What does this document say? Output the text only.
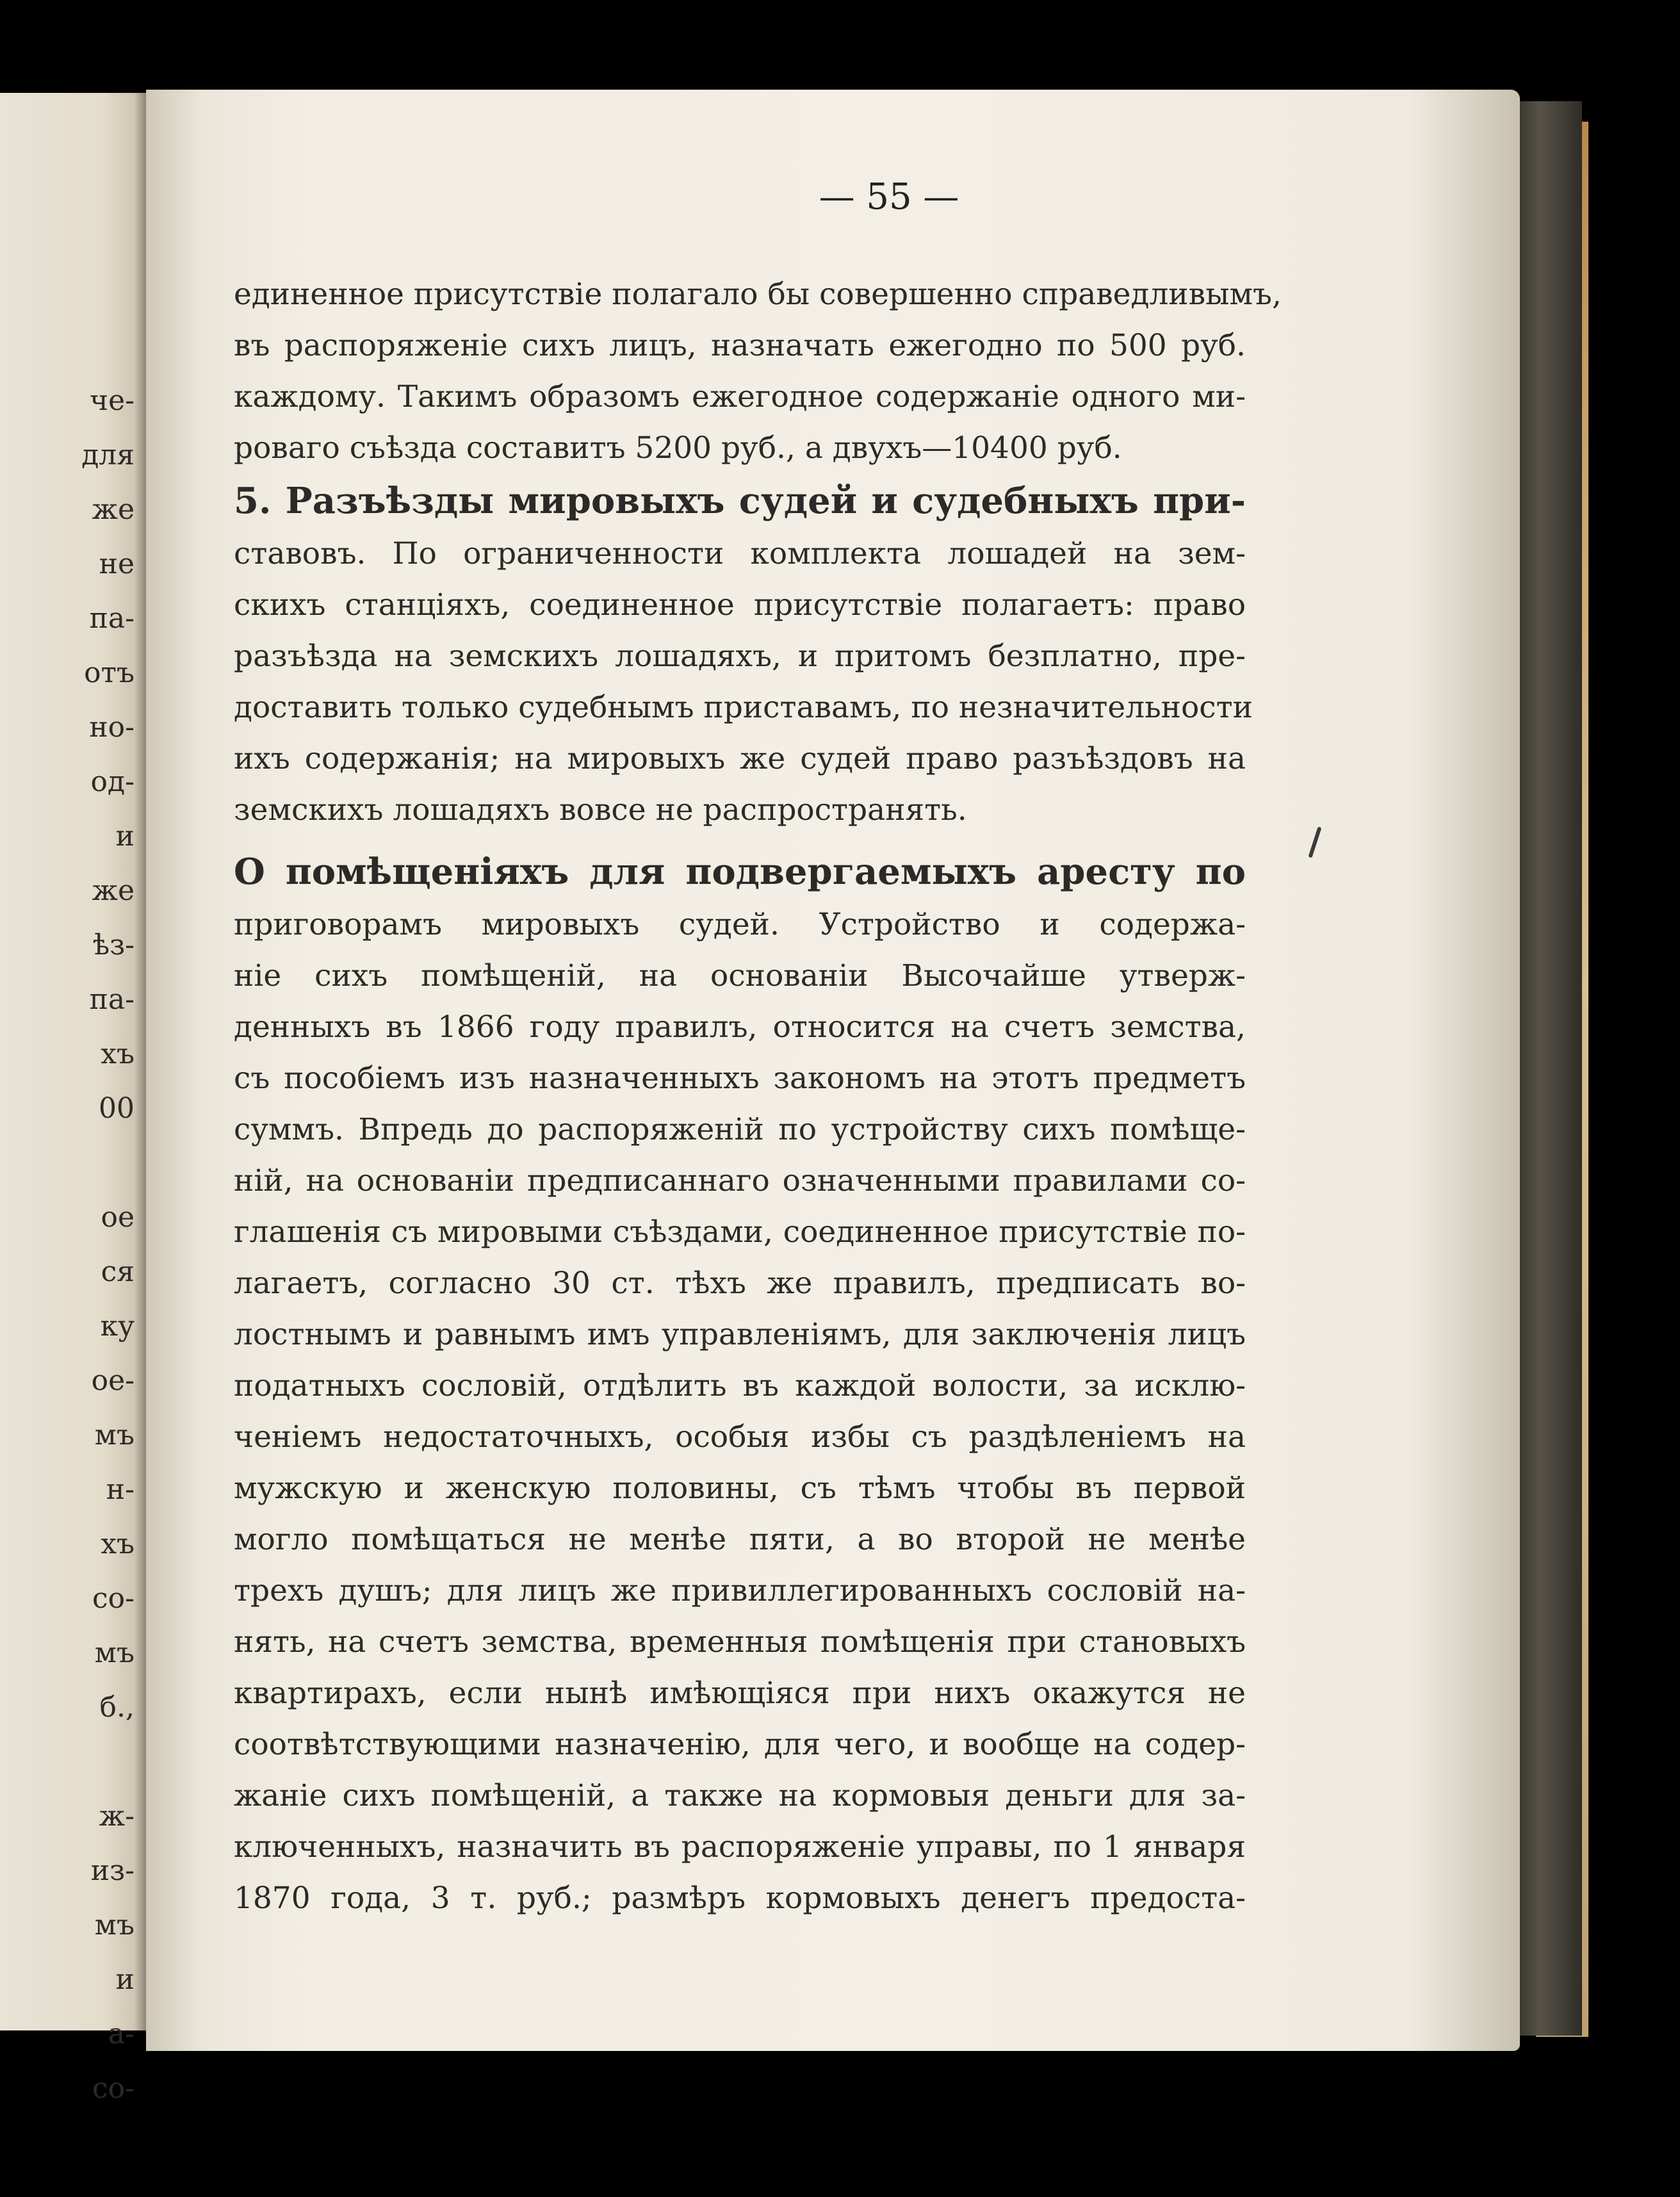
че-
для
же
не
па-
отъ
но-
од-
и
же
ѣз-
па-
хъ
00
ое
ся
ку
ое-
мъ
н-
хъ
со-
мъ
б.,
ж-
из-
мъ
и
а-
со-
— 55 —
единенное присутствіе полагало бы совершенно справедливымъ,
въ распоряженіе сихъ лицъ, назначать ежегодно по 500 руб.
каждому. Такимъ образомъ ежегодное содержаніе одного ми-
роваго съѣзда составитъ 5200 руб., а двухъ—10400 руб.
5. Разъѣзды мировыхъ судей и судебныхъ при-
ставовъ. По ограниченности комплекта лошадей на зем-
скихъ станціяхъ, соединенное присутствіе полагаетъ: право
разъѣзда на земскихъ лошадяхъ, и притомъ безплатно, пре-
доставить только судебнымъ приставамъ, по незначительности
ихъ содержанія; на мировыхъ же судей право разъѣздовъ на
земскихъ лошадяхъ вовсе не распространять.
О помѣщеніяхъ для подвергаемыхъ аресту по
приговорамъ мировыхъ судей. Устройство и содержа-
ніе сихъ помѣщеній, на основаніи Высочайше утверж-
денныхъ въ 1866 году правилъ, относится на счетъ земства,
съ пособіемъ изъ назначенныхъ закономъ на этотъ предметъ
суммъ. Впредь до распоряженій по устройству сихъ помѣще-
ній, на основаніи предписаннаго означенными правилами со-
глашенія съ мировыми съѣздами, соединенное присутствіе по-
лагаетъ, согласно 30 ст. тѣхъ же правилъ, предписать во-
лостнымъ и равнымъ имъ управленіямъ, для заключенія лицъ
податныхъ сословій, отдѣлить въ каждой волости, за исклю-
ченіемъ недостаточныхъ, особыя избы съ раздѣленіемъ на
мужскую и женскую половины, съ тѣмъ чтобы въ первой
могло помѣщаться не менѣе пяти, а во второй не менѣе
трехъ душъ; для лицъ же привиллегированныхъ сословій на-
нять, на счетъ земства, временныя помѣщенія при становыхъ
квартирахъ, если нынѣ имѣющіяся при нихъ окажутся не
соотвѣтствующими назначенію, для чего, и вообще на содер-
жаніе сихъ помѣщеній, а также на кормовыя деньги для за-
ключенныхъ, назначить въ распоряженіе управы, по 1 января
1870 года, 3 т. руб.; размѣръ кормовыхъ денегъ предоста-
